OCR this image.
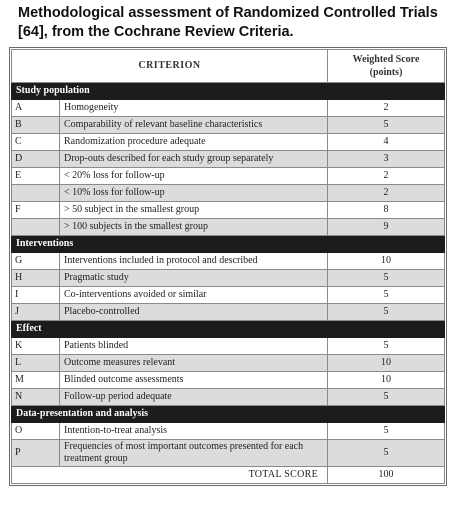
Methodological assessment of Randomized Controlled Trials [64], from the Cochrane Review Criteria.
CRITERION		Weighted Score
(points)
Study population		
A	Homogeneity	2
B	Comparability of relevant baseline characteristics	5
C	Randomization procedure adequate	4
D	Drop-outs described for each study group separately	3
E	< 20% loss for follow-up	2
	< 10% loss for follow-up	2
F	> 50 subject in the smallest group	8
	> 100 subjects in the smallest group	9
Interventions		
G	Interventions included in protocol and described	10
H	Pragmatic study	5
I	Co-interventions avoided or similar	5
J	Placebo-controlled	5
Effect		
K	Patients blinded	5
L	Outcome measures relevant	10
M	Blinded outcome assessments	10
N	Follow-up period adequate	5
Data-presentation and analysis		
O	Intention-to-treat analysis	5
P	Frequencies of most important outcomes presented for each treatment group	5
TOTAL SCORE		100
